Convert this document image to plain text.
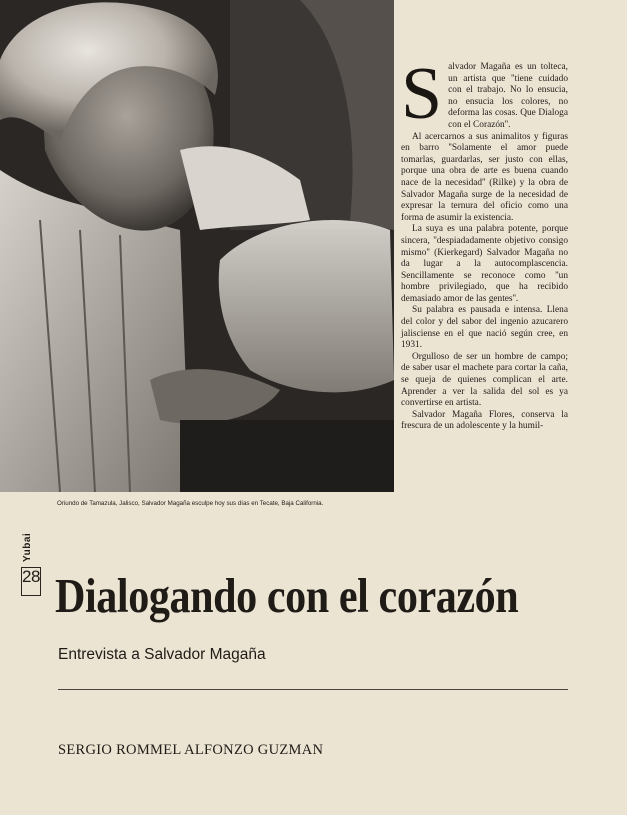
Oriundo de Tamazula, Jalisco, Salvador Magaña esculpe hoy sus días en Tecate, Baja California.

Salvador Magaña es un tolteca, un artista que ''tiene cuidado con el trabajo. No lo ensucia, no ensucia los colores, no deforma las cosas. Que Dialoga con el Corazón''.

Al acercarnos a sus animalitos y figuras en barro ''Solamente el amor puede tomarlas, guardarlas, ser justo con ellas, porque una obra de arte es buena cuando nace de la necesidad'' (Rilke) y la obra de Salvador Magaña surge de la necesidad de expresar la ternura del oficio como una forma de asumir la existencia.

La suya es una palabra potente, porque sincera, ''despiadadamente objetivo consigo mismo'' (Kierkegard) Salvador Magaña no da lugar a la autocomplascencia. Sencillamente se reconoce como ''un hombre privilegiado, que ha recibido demasiado amor de las gentes''.

Su palabra es pausada e intensa. Llena del color y del sabor del ingenio azucarero jalisciense en el que nació según cree, en 1931.

Orgulloso de ser un hombre de campo; de saber usar el machete para cortar la caña, se queja de quienes complican el arte. Aprender a ver la salida del sol es ya convertirse en artista.

Salvador Magaña Flores, conserva la frescura de un adolescente y la humil-

Yubai
28 Dialogando con el corazón
Entrevista a Salvador Magaña
SERGIO ROMMEL ALFONZO GUZMAN
